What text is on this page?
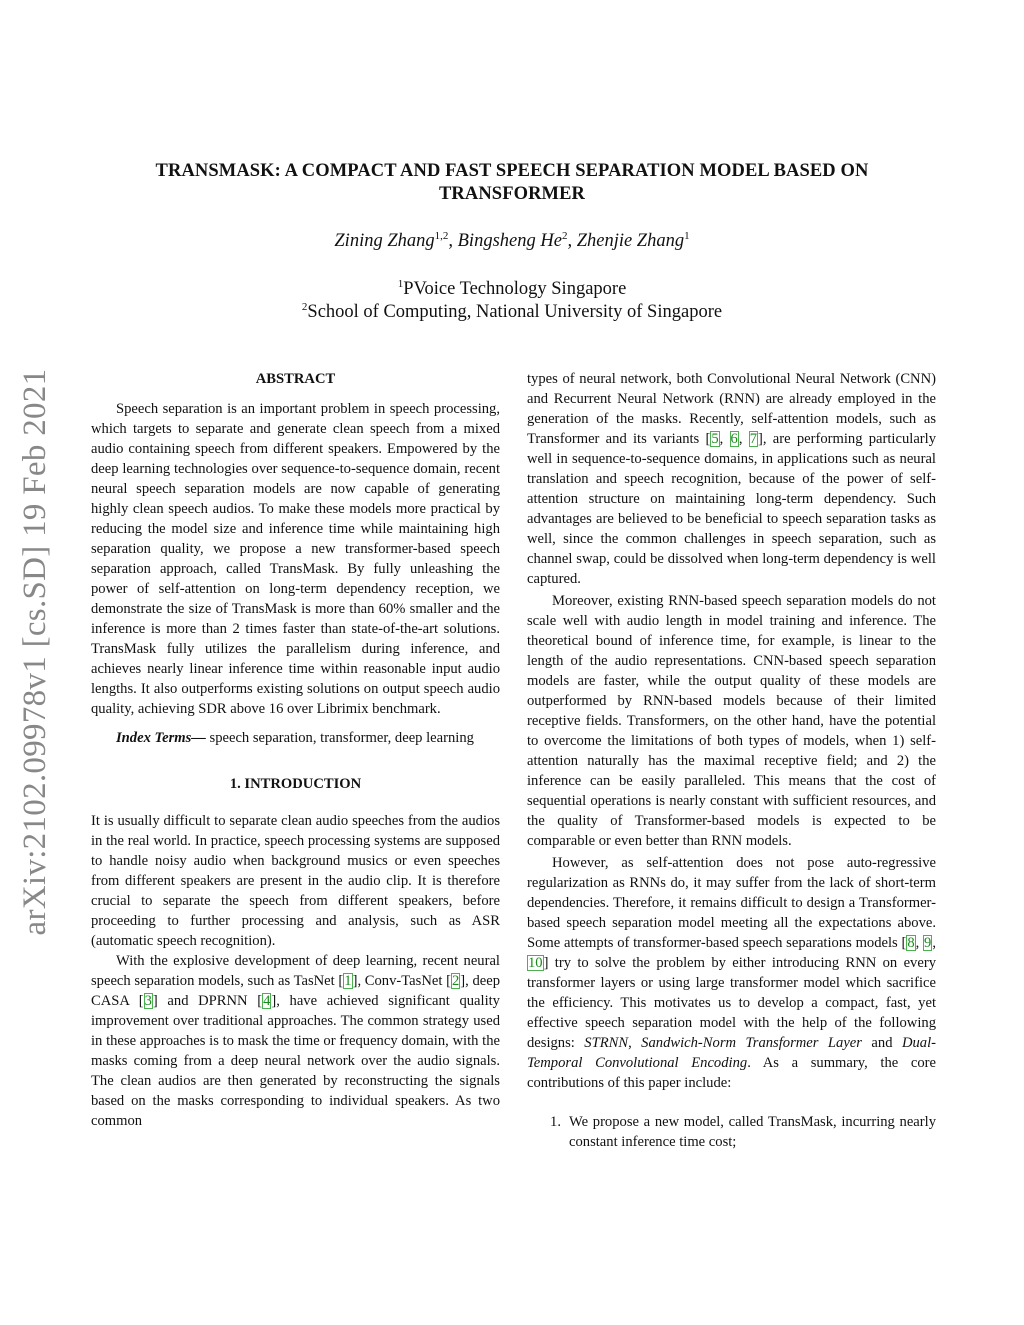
TRANSMASK: A COMPACT AND FAST SPEECH SEPARATION MODEL BASED ON TRANSFORMER
Zining Zhang$^{1,2}$, Bingsheng He$^2$, Zhenjie Zhang$^1$
$^1$PVoice Technology Singapore
$^2$School of Computing, National University of Singapore
arXiv:2102.09978v1 [cs.SD] 19 Feb 2021	ABSTRACT

Speech separation is an important problem in speech processing, which targets to separate and generate clean speech from a mixed audio containing speech from different speakers. Empowered by the deep learning technologies over sequence-to-sequence domain, recent neural speech separation models are now capable of generating highly clean speech audios. To make these models more practical by reducing the model size and inference time while maintaining high separation quality, we propose a new transformer-based speech separation approach, called TransMask. By fully unleashing the power of self-attention on long-term dependency reception, we demonstrate the size of TransMask is more than 60% smaller and the inference is more than 2 times faster than state-of-the-art solutions. TransMask fully utilizes the parallelism during inference, and achieves nearly linear inference time within reasonable input audio lengths. It also outperforms existing solutions on output speech audio quality, achieving SDR above 16 over Librimix benchmark.

Index Terms— speech separation, transformer, deep learning

1. INTRODUCTION

It is usually difficult to separate clean audio speeches from the audios in the real world. In practice, speech processing systems are supposed to handle noisy audio when background musics or even speeches from different speakers are present in the audio clip. It is therefore crucial to separate the speech from different speakers, before proceeding to further processing and analysis, such as ASR (automatic speech recognition).

With the explosive development of deep learning, recent neural speech separation models, such as TasNet [1], Conv-TasNet [2], deep CASA [3] and DPRNN [4], have achieved significant quality improvement over traditional approaches. The common strategy used in these approaches is to mask the time or frequency domain, with the masks coming from a deep neural network over the audio signals. The clean audios are then generated by reconstructing the signals based on the masks corresponding to individual speakers. As two common

types of neural network, both Convolutional Neural Network (CNN) and Recurrent Neural Network (RNN) are already employed in the generation of the masks. Recently, self-attention models, such as Transformer and its variants [5, 6, 7], are performing particularly well in sequence-to-sequence domains, in applications such as neural translation and speech recognition, because of the power of self-attention structure on maintaining long-term dependency. Such advantages are believed to be beneficial to speech separation tasks as well, since the common challenges in speech separation, such as channel swap, could be dissolved when long-term dependency is well captured.

Moreover, existing RNN-based speech separation models do not scale well with audio length in model training and inference. The theoretical bound of inference time, for example, is linear to the length of the audio representations. CNN-based speech separation models are faster, while the output quality of these models are outperformed by RNN-based models because of their limited receptive fields. Transformers, on the other hand, have the potential to overcome the limitations of both types of models, when 1) self-attention naturally has the maximal receptive field; and 2) the inference can be easily paralleled. This means that the cost of sequential operations is nearly constant with sufficient resources, and the quality of Transformer-based models is expected to be comparable or even better than RNN models.

However, as self-attention does not pose auto-regressive regularization as RNNs do, it may suffer from the lack of short-term dependencies. Therefore, it remains difficult to design a Transformer-based speech separation model meeting all the expectations above. Some attempts of transformer-based speech separations models [8, 9, 10] try to solve the problem by either introducing RNN on every transformer layers or using large transformer model which sacrifice the efficiency. This motivates us to develop a compact, fast, yet effective speech separation model with the help of the following designs: STRNN, Sandwich-Norm Transformer Layer and Dual-Temporal Convolutional Encoding. As a summary, the core contributions of this paper include:

1. We propose a new model, called TransMask, incurring nearly constant inference time cost;
